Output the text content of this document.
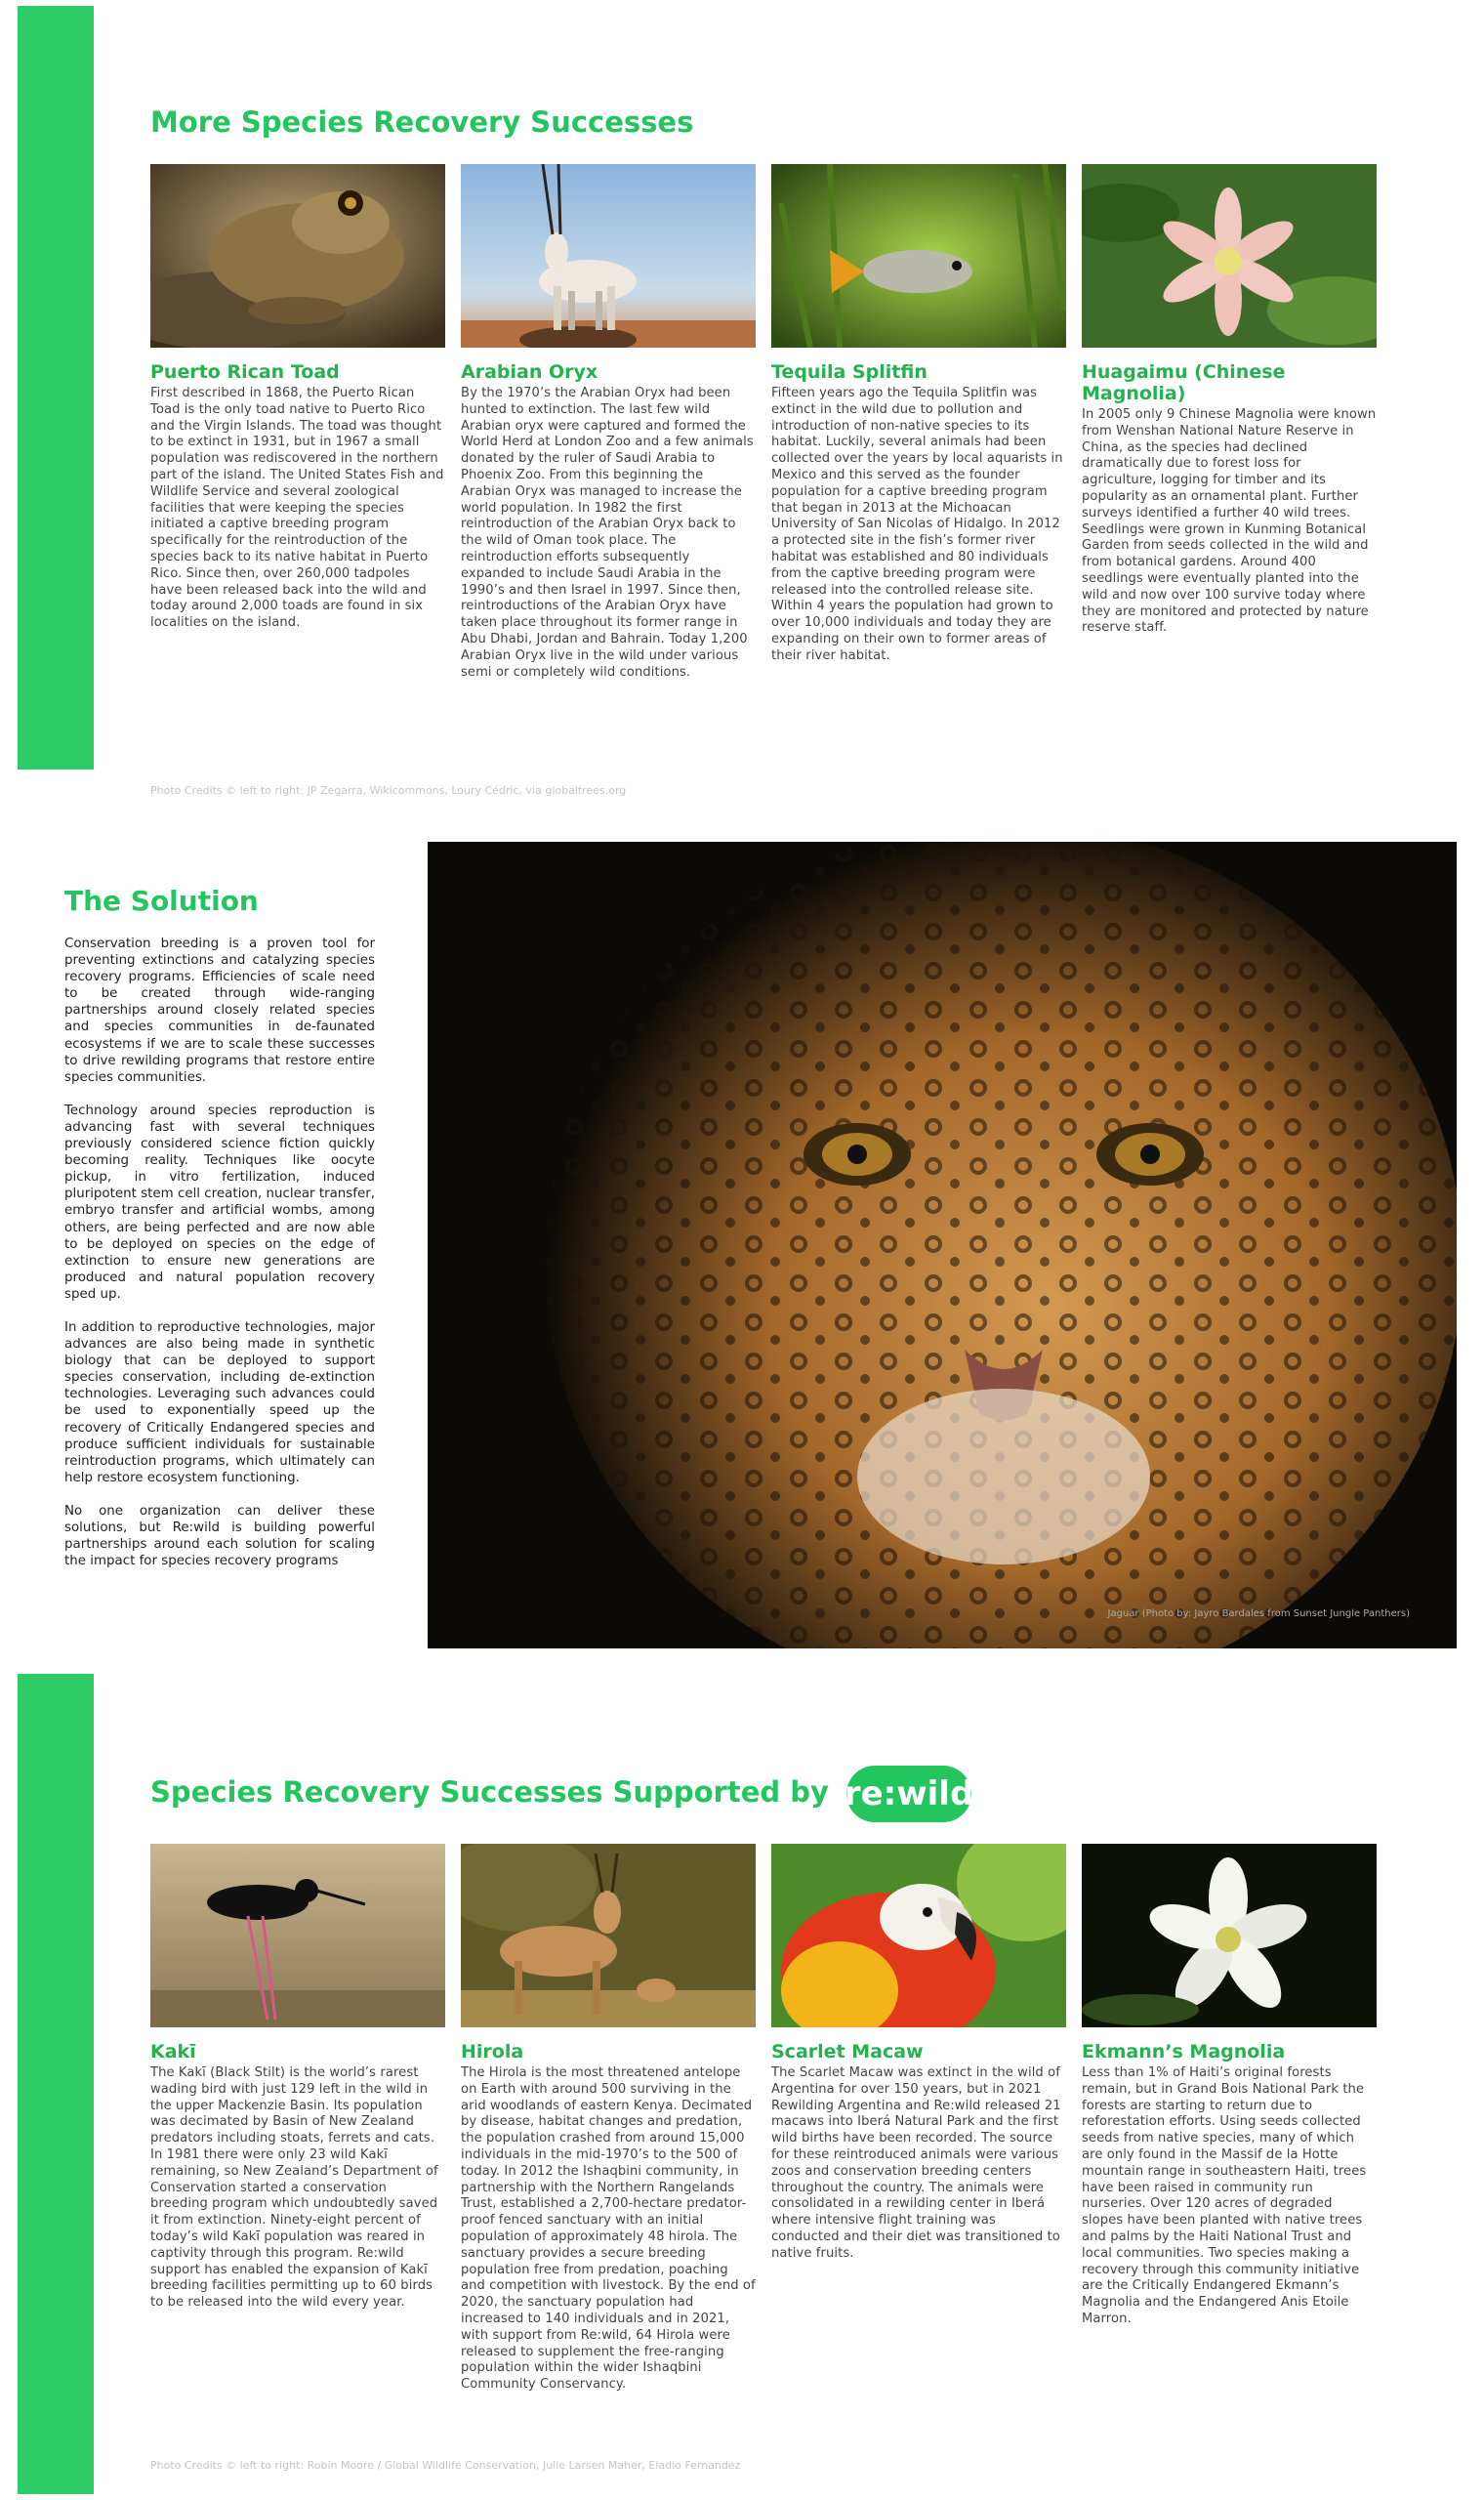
More Species Recovery Successes
Puerto Rican Toad
First described in 1868, the Puerto Rican Toad is the only toad native to Puerto Rico and the Virgin Islands. The toad was thought to be extinct in 1931, but in 1967 a small population was rediscovered in the northern part of the island. The United States Fish and Wildlife Service and several zoological facilities that were keeping the species initiated a captive breeding program specifically for the reintroduction of the species back to its native habitat in Puerto Rico. Since then, over 260,000 tadpoles have been released back into the wild and today around 2,000 toads are found in six localities on the island.
Arabian Oryx
By the 1970’s the Arabian Oryx had been hunted to extinction. The last few wild Arabian oryx were captured and formed the World Herd at London Zoo and a few animals donated by the ruler of Saudi Arabia to Phoenix Zoo. From this beginning the Arabian Oryx was managed to increase the world population. In 1982 the first reintroduction of the Arabian Oryx back to the wild of Oman took place. The reintroduction efforts subsequently expanded to include Saudi Arabia in the 1990’s and then Israel in 1997. Since then, reintroductions of the Arabian Oryx have taken place throughout its former range in Abu Dhabi, Jordan and Bahrain. Today 1,200 Arabian Oryx live in the wild under various semi or completely wild conditions.
Tequila Splitfin
Fifteen years ago the Tequila Splitfin was extinct in the wild due to pollution and introduction of non-native species to its habitat. Luckily, several animals had been collected over the years by local aquarists in Mexico and this served as the founder population for a captive breeding program that began in 2013 at the Michoacan University of San Nicolas of Hidalgo. In 2012 a protected site in the fish’s former river habitat was established and 80 individuals from the captive breeding program were released into the controlled release site. Within 4 years the population had grown to over 10,000 individuals and today they are expanding on their own to former areas of their river habitat.
Huagaimu (Chinese Magnolia)
In 2005 only 9 Chinese Magnolia were known from Wenshan National Nature Reserve in China, as the species had declined dramatically due to forest loss for agriculture, logging for timber and its popularity as an ornamental plant. Further surveys identified a further 40 wild trees. Seedlings were grown in Kunming Botanical Garden from seeds collected in the wild and from botanical gardens. Around 400 seedlings were eventually planted into the wild and now over 100 survive today where they are monitored and protected by nature reserve staff.
Photo Credits © left to right: JP Zegarra, Wikicommons, Loury Cédric, via globaltrees.org
The Solution

Conservation breeding is a proven tool for preventing extinctions and catalyzing species recovery programs. Efficiencies of scale need to be created through wide-ranging partnerships around closely related species and species communities in de-faunated ecosystems if we are to scale these successes to drive rewilding programs that restore entire species communities.

Technology around species reproduction is advancing fast with several techniques previously considered science fiction quickly becoming reality. Techniques like oocyte pickup, in vitro fertilization, induced pluripotent stem cell creation, nuclear transfer, embryo transfer and artificial wombs, among others, are being perfected and are now able to be deployed on species on the edge of extinction to ensure new generations are produced and natural population recovery sped up.

In addition to reproductive technologies, major advances are also being made in synthetic biology that can be deployed to support species conservation, including de-extinction technologies. Leveraging such advances could be used to exponentially speed up the recovery of Critically Endangered species and produce sufficient individuals for sustainable reintroduction programs, which ultimately can help restore ecosystem functioning.

No one organization can deliver these solutions, but Re:wild is building powerful partnerships around each solution for scaling the impact for species recovery programs

Jaguar (Photo by: Jayro Bardales from Sunset Jungle Panthers)
Species Recovery Successes Supported by re:wild
Kakī
The Kakī (Black Stilt) is the world’s rarest wading bird with just 129 left in the wild in the upper Mackenzie Basin. Its population was decimated by Basin of New Zealand predators including stoats, ferrets and cats. In 1981 there were only 23 wild Kakī remaining, so New Zealand’s Department of Conservation started a conservation breeding program which undoubtedly saved it from extinction. Ninety-eight percent of today’s wild Kakī population was reared in captivity through this program. Re:wild support has enabled the expansion of Kakī breeding facilities permitting up to 60 birds to be released into the wild every year.
Hirola
The Hirola is the most threatened antelope on Earth with around 500 surviving in the arid woodlands of eastern Kenya. Decimated by disease, habitat changes and predation, the population crashed from around 15,000 individuals in the mid-1970’s to the 500 of today. In 2012 the Ishaqbini community, in partnership with the Northern Rangelands Trust, established a 2,700-hectare predator-proof fenced sanctuary with an initial population of approximately 48 hirola. The sanctuary provides a secure breeding population free from predation, poaching and competition with livestock. By the end of 2020, the sanctuary population had increased to 140 individuals and in 2021, with support from Re:wild, 64 Hirola were released to supplement the free-ranging population within the wider Ishaqbini Community Conservancy.
Scarlet Macaw
The Scarlet Macaw was extinct in the wild of Argentina for over 150 years, but in 2021 Rewilding Argentina and Re:wild released 21 macaws into Iberá Natural Park and the first wild births have been recorded. The source for these reintroduced animals were various zoos and conservation breeding centers throughout the country. The animals were consolidated in a rewilding center in Iberá where intensive flight training was conducted and their diet was transitioned to native fruits.
Ekmann’s Magnolia
Less than 1% of Haiti’s original forests remain, but in Grand Bois National Park the forests are starting to return due to reforestation efforts. Using seeds collected seeds from native species, many of which are only found in the Massif de la Hotte mountain range in southeastern Haiti, trees have been raised in community run nurseries. Over 120 acres of degraded slopes have been planted with native trees and palms by the Haiti National Trust and local communities. Two species making a recovery through this community initiative are the Critically Endangered Ekmann’s Magnolia and the Endangered Anis Etoile Marron.
Photo Credits © left to right: Robin Moore / Global Wildlife Conservation, Julie Larsen Maher, Eladio Fernandez
